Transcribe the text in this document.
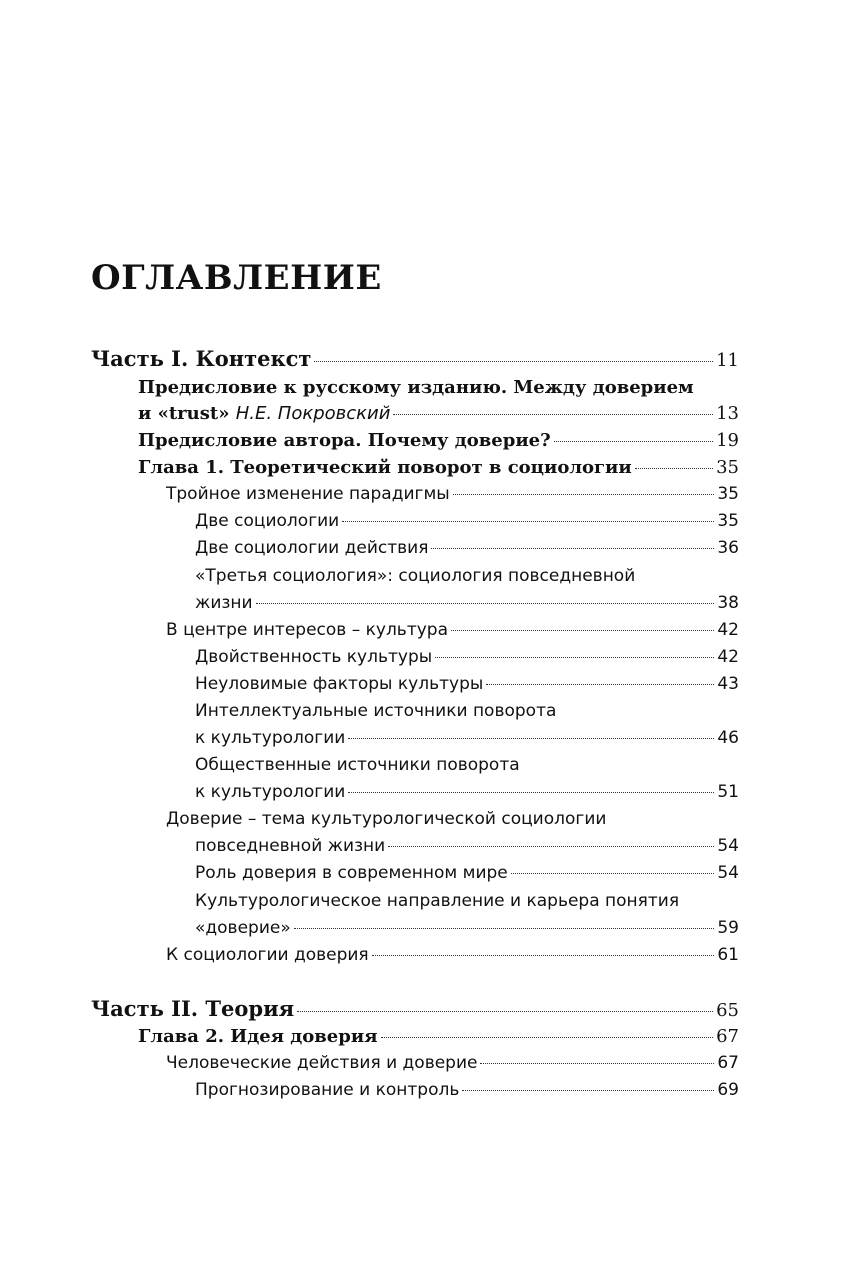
ОГЛАВЛЕНИЕ
Часть I. Контекст	11
Предисловие к русскому изданию. Между доверием
и «trust» Н.Е. Покровский	13
Предисловие автора. Почему доверие?	19
Глава 1. Теоретический поворот в социологии	35
Тройное изменение парадигмы	35
Две социологии	35
Две социологии действия	36
«Третья социология»: социология повседневной
жизни	38
В центре интересов – культура	42
Двойственность культуры	42
Неуловимые факторы культуры	43
Интеллектуальные источники поворота
к культурологии	46
Общественные источники поворота
к культурологии	51
Доверие – тема культурологической социологии
повседневной жизни	54
Роль доверия в современном мире	54
Культурологическое направление и карьера понятия
«доверие»	59
К социологии доверия	61
Часть II. Теория	65
Глава 2. Идея доверия	67
Человеческие действия и доверие	67
Прогнозирование и контроль	69
